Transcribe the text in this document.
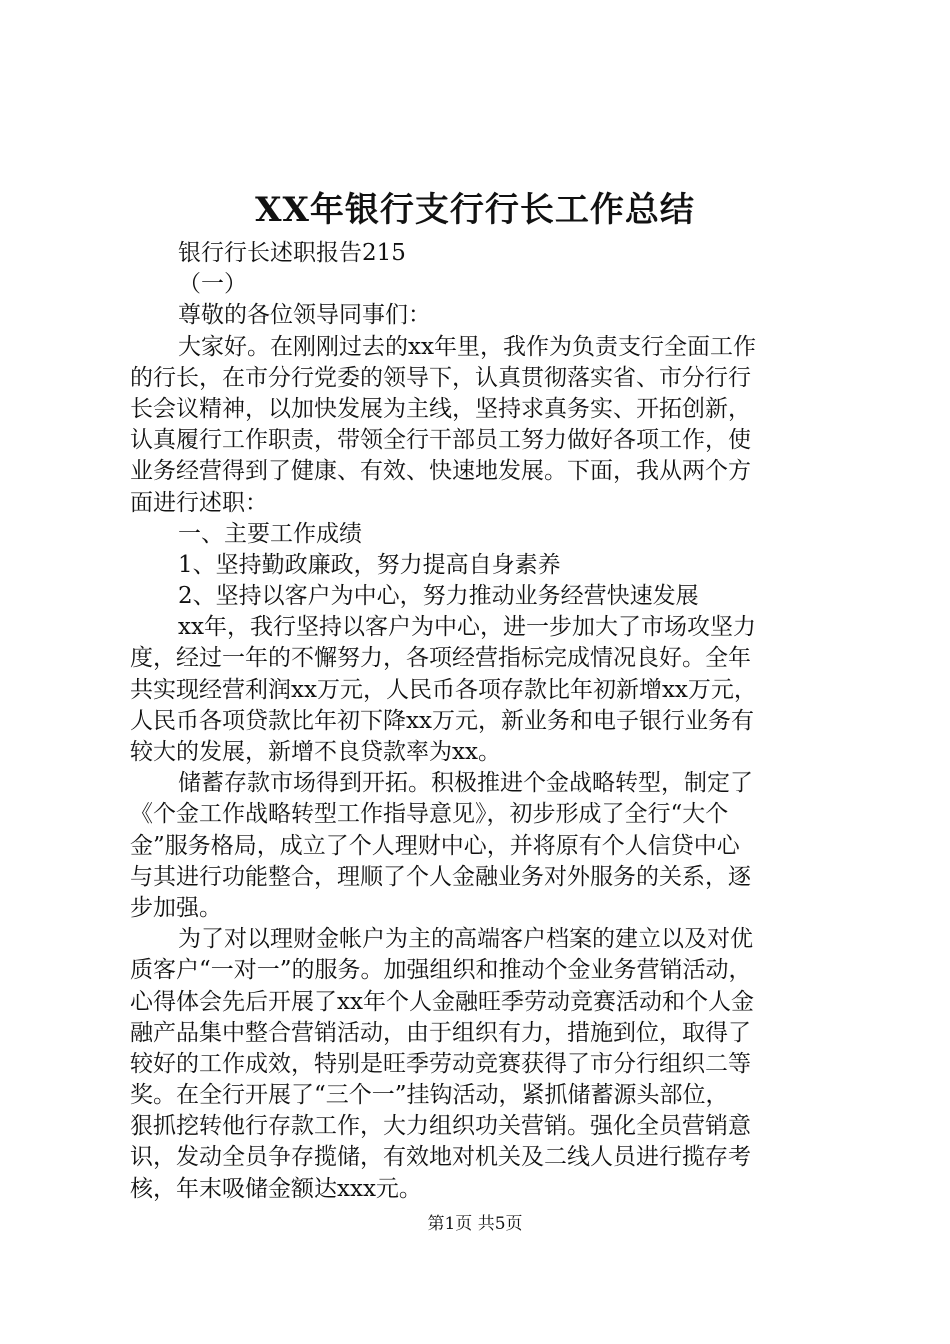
XX年银行支行行长工作总结
银行行长述职报告215
（一）
尊敬的各位领导同事们：
大家好。在刚刚过去的xx年里，我作为负责支行全面工作
的行长，在市分行党委的领导下，认真贯彻落实省、市分行行
长会议精神，以加快发展为主线，坚持求真务实、开拓创新，
认真履行工作职责，带领全行干部员工努力做好各项工作，使
业务经营得到了健康、有效、快速地发展。下面，我从两个方
面进行述职：
一、主要工作成绩
1、坚持勤政廉政，努力提高自身素养
2、坚持以客户为中心，努力推动业务经营快速发展
xx年，我行坚持以客户为中心，进一步加大了市场攻坚力
度，经过一年的不懈努力，各项经营指标完成情况良好。全年
共实现经营利润xx万元，人民币各项存款比年初新增xx万元，
人民币各项贷款比年初下降xx万元，新业务和电子银行业务有
较大的发展，新增不良贷款率为xx。
储蓄存款市场得到开拓。积极推进个金战略转型，制定了
《个金工作战略转型工作指导意见》，初步形成了全行“大个
金”服务格局，成立了个人理财中心，并将原有个人信贷中心
与其进行功能整合，理顺了个人金融业务对外服务的关系，逐
步加强。
为了对以理财金帐户为主的高端客户档案的建立以及对优
质客户“一对一”的服务。加强组织和推动个金业务营销活动，
心得体会先后开展了xx年个人金融旺季劳动竞赛活动和个人金
融产品集中整合营销活动，由于组织有力，措施到位，取得了
较好的工作成效，特别是旺季劳动竞赛获得了市分行组织二等
奖。在全行开展了“三个一”挂钩活动，紧抓储蓄源头部位，
狠抓挖转他行存款工作，大力组织功关营销。强化全员营销意
识，发动全员争存揽储，有效地对机关及二线人员进行揽存考
核，年末吸储金额达xxx元。
第1页 共5页
